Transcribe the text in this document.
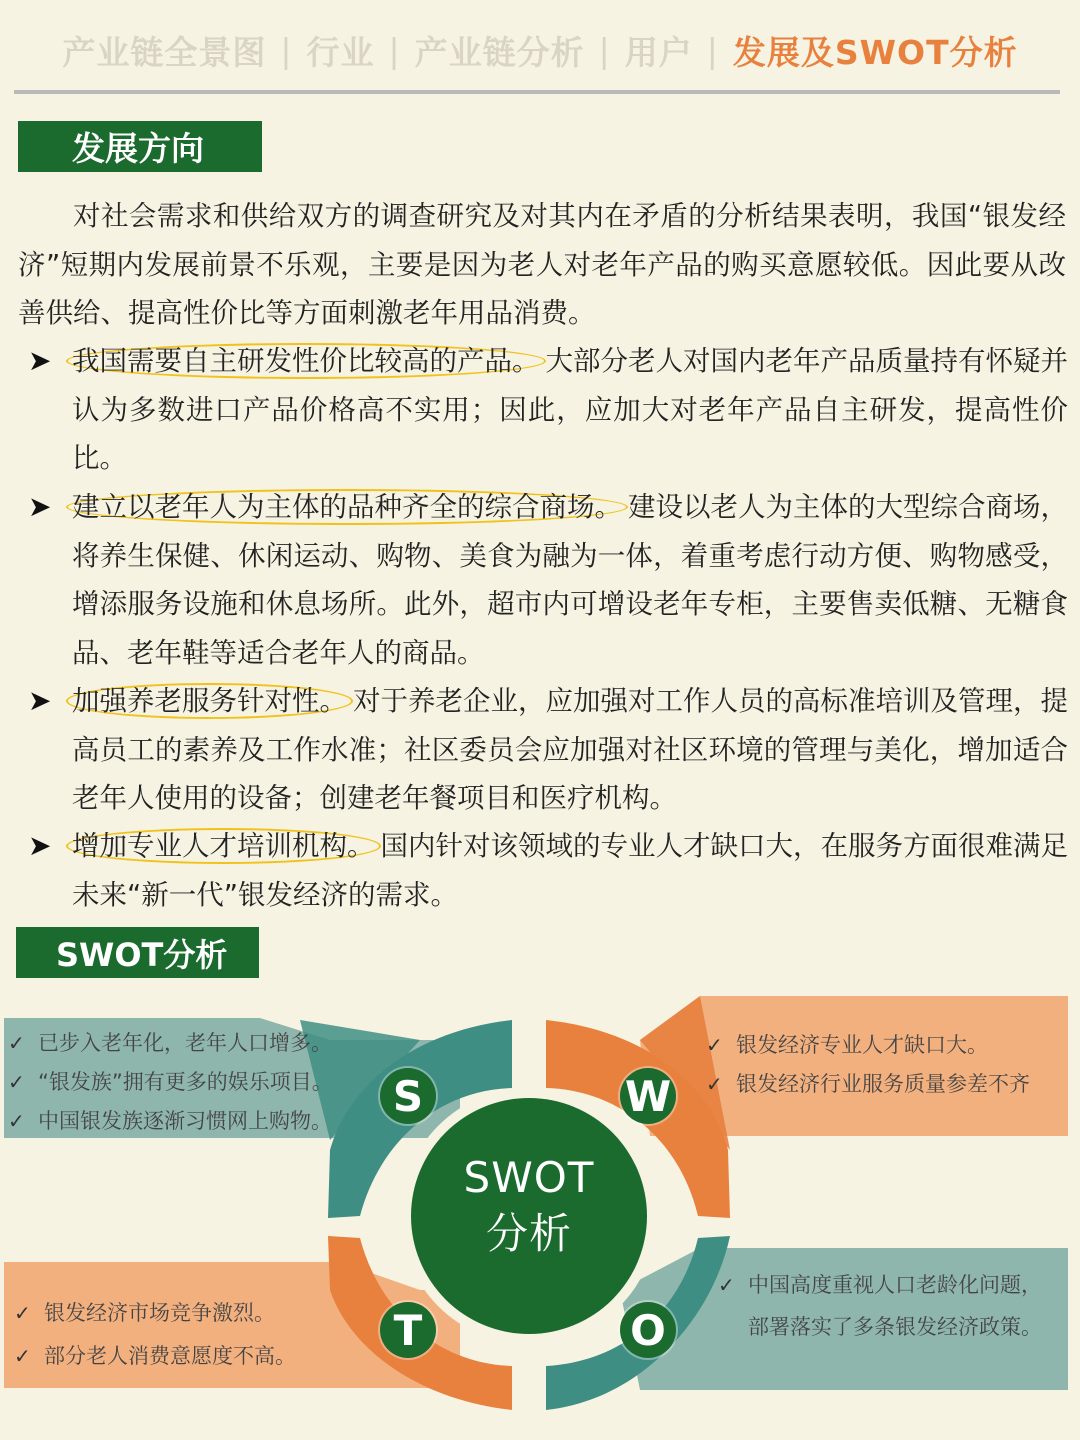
产业链全景图 | 行业 | 产业链分析 | 用户 | 发展及SWOT分析
发展方向

对社会需求和供给双方的调查研究及对其内在矛盾的分析结果表明，我国“银发经济”短期内发展前景不乐观，主要是因为老人对老年产品的购买意愿较低。因此要从改善供给、提高性价比等方面刺激老年用品消费。

➤ 我国需要自主研发性价比较高的产品。 大部分老人对国内老年产品质量持有怀疑并认为多数进口产品价格高不实用；因此，应加大对老年产品自主研发，提高性价比。
➤ 建立以老年人为主体的品种齐全的综合商场。 建设以老人为主体的大型综合商场，将养生保健、休闲运动、购物、美食为融为一体，着重考虑行动方便、购物感受，增添服务设施和休息场所。此外，超市内可增设老年专柜，主要售卖低糖、无糖食品、老年鞋等适合老年人的商品。
➤ 加强养老服务针对性。 对于养老企业，应加强对工作人员的高标准培训及管理，提高员工的素养及工作水准；社区委员会应加强对社区环境的管理与美化，增加适合老年人使用的设备；创建老年餐项目和医疗机构。
➤ 增加专业人才培训机构。 国内针对该领域的专业人才缺口大，在服务方面很难满足未来“新一代”银发经济的需求。
SWOT分析
SWOT
分析
S	W
T	O
✓ 已步入老年化，老年人口增多。
✓ “银发族”拥有更多的娱乐项目。
✓ 中国银发族逐渐习惯网上购物。
✓ 银发经济专业人才缺口大。
✓ 银发经济行业服务质量参差不齐
✓ 银发经济市场竞争激烈。
✓ 部分老人消费意愿度不高。
✓ 中国高度重视人口老龄化问题，部署落实了多条银发经济政策。
